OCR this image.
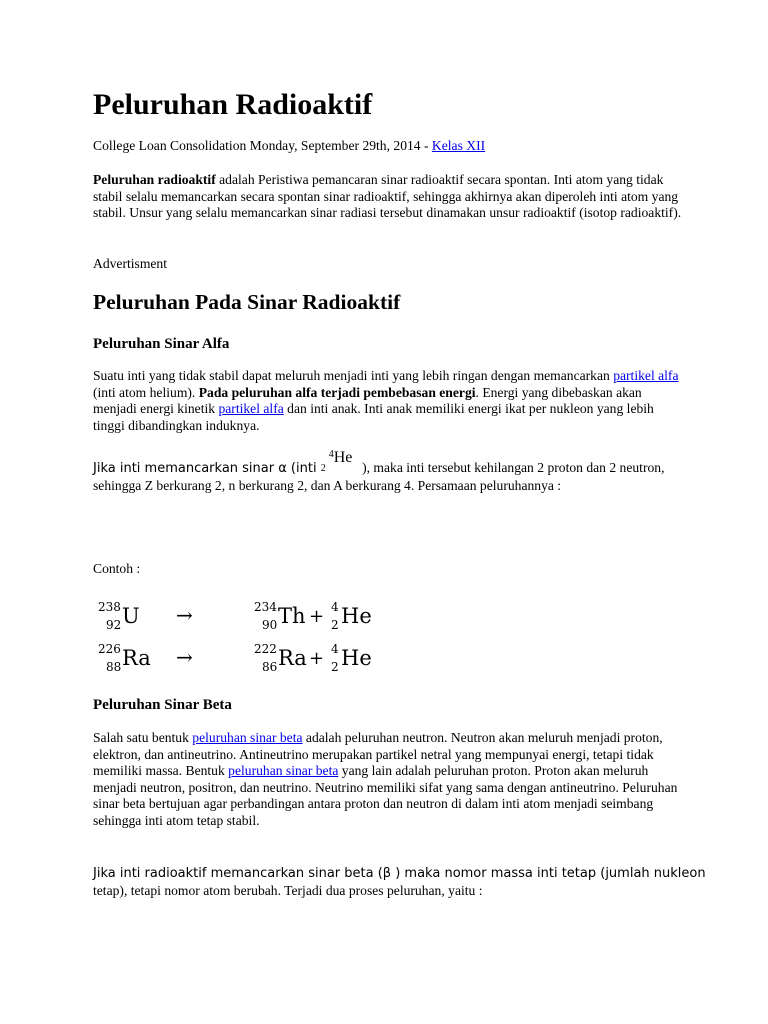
Peluruhan Radioaktif

College Loan Consolidation Monday, September 29th, 2014 - Kelas XII

Peluruhan radioaktif adalah Peristiwa pemancaran sinar radioaktif secara spontan. Inti atom yang tidak stabil selalu memancarkan secara spontan sinar radioaktif, sehingga akhirnya akan diperoleh inti atom yang stabil. Unsur yang selalu memancarkan sinar radiasi tersebut dinamakan unsur radioaktif (isotop radioaktif).

Advertisment

Peluruhan Pada Sinar Radioaktif
Peluruhan Sinar Alfa

Suatu inti yang tidak stabil dapat meluruh menjadi inti yang lebih ringan dengan memancarkan partikel alfa (inti atom helium). Pada peluruhan alfa terjadi pembebasan energi. Energi yang dibebaskan akan menjadi energi kinetik partikel alfa dan inti anak. Inti anak memiliki energi ikat per nukleon yang lebih tinggi dibandingkan induknya.

Jika inti memancarkan sinar α (inti
4
2
He
), maka inti tersebut kehilangan 2 proton dan 2 neutron, sehingga Z berkurang 2, n berkurang 2, dan A berkurang 4. Persamaan peluruhannya :

Contoh :

238
92 U →	234
90 Th + 4
2 He
226
88 Ra →	222
86 Ra + 4
2 He
Peluruhan Sinar Beta

Salah satu bentuk peluruhan sinar beta adalah peluruhan neutron. Neutron akan meluruh menjadi proton, elektron, dan antineutrino. Antineutrino merupakan partikel netral yang mempunyai energi, tetapi tidak memiliki massa. Bentuk peluruhan sinar beta yang lain adalah peluruhan proton. Proton akan meluruh menjadi neutron, positron, dan neutrino. Neutrino memiliki sifat yang sama dengan antineutrino. Peluruhan sinar beta bertujuan agar perbandingan antara proton dan neutron di dalam inti atom menjadi seimbang sehingga inti atom tetap stabil.

Jika inti radioaktif memancarkan sinar beta (β ) maka nomor massa inti tetap (jumlah nukleon
tetap), tetapi nomor atom berubah. Terjadi dua proses peluruhan, yaitu :
